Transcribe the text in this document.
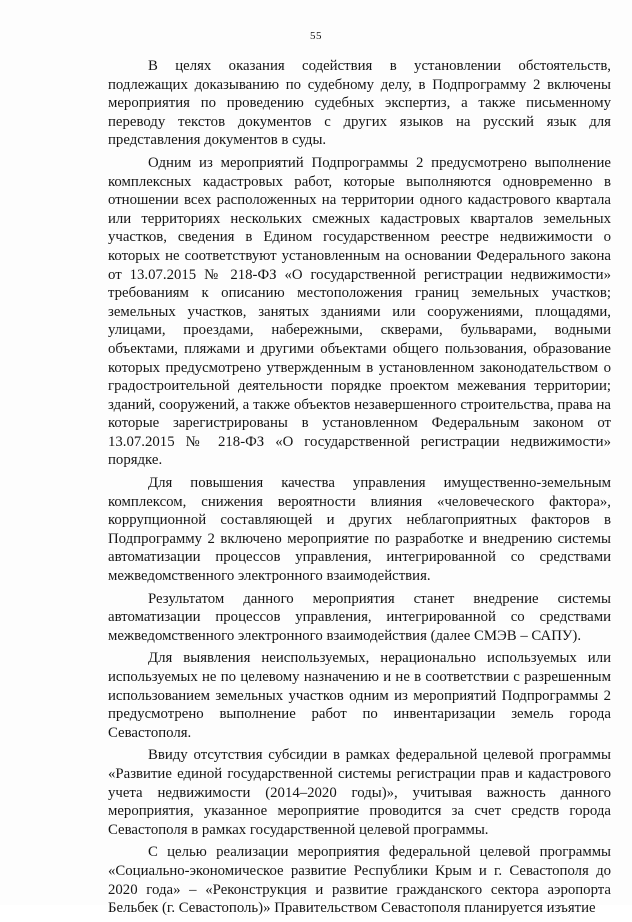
55

В целях оказания содействия в установлении обстоятельств, подлежащих доказыванию по судебному делу, в Подпрограмму 2 включены мероприятия по проведению судебных экспертиз, а также письменному переводу текстов документов с других языков на русский язык для представления документов в суды.

Одним из мероприятий Подпрограммы 2 предусмотрено выполнение комплексных кадастровых работ, которые выполняются одновременно в отношении всех расположенных на территории одного кадастрового квартала или территориях нескольких смежных кадастровых кварталов земельных участков, сведения в Едином государственном реестре недвижимости о которых не соответствуют установленным на основании Федерального закона от 13.07.2015 № 218-ФЗ «О государственной регистрации недвижимости» требованиям к описанию местоположения границ земельных участков; земельных участков, занятых зданиями или сооружениями, площадями, улицами, проездами, набережными, скверами, бульварами, водными объектами, пляжами и другими объектами общего пользования, образование которых предусмотрено утвержденным в установленном законодательством о градостроительной деятельности порядке проектом межевания территории; зданий, сооружений, а также объектов незавершенного строительства, права на которые зарегистрированы в установленном Федеральным законом от 13.07.2015 № 218-ФЗ «О государственной регистрации недвижимости» порядке.

Для повышения качества управления имущественно-земельным комплексом, снижения вероятности влияния «человеческого фактора», коррупционной составляющей и других неблагоприятных факторов в Подпрограмму 2 включено мероприятие по разработке и внедрению системы автоматизации процессов управления, интегрированной со средствами межведомственного электронного взаимодействия.

Результатом данного мероприятия станет внедрение системы автоматизации процессов управления, интегрированной со средствами межведомственного электронного взаимодействия (далее СМЭВ – САПУ).

Для выявления неиспользуемых, нерационально используемых или используемых не по целевому назначению и не в соответствии с разрешенным использованием земельных участков одним из мероприятий Подпрограммы 2 предусмотрено выполнение работ по инвентаризации земель города Севастополя.

Ввиду отсутствия субсидии в рамках федеральной целевой программы «Развитие единой государственной системы регистрации прав и кадастрового учета недвижимости (2014–2020 годы)», учитывая важность данного мероприятия, указанное мероприятие проводится за счет средств города Севастополя в рамках государственной целевой программы.

С целью реализации мероприятия федеральной целевой программы «Социально-экономическое развитие Республики Крым и г. Севастополя до 2020 года» – «Реконструкция и развитие гражданского сектора аэропорта Бельбек (г. Севастополь)» Правительством Севастополя планируется изъятие
